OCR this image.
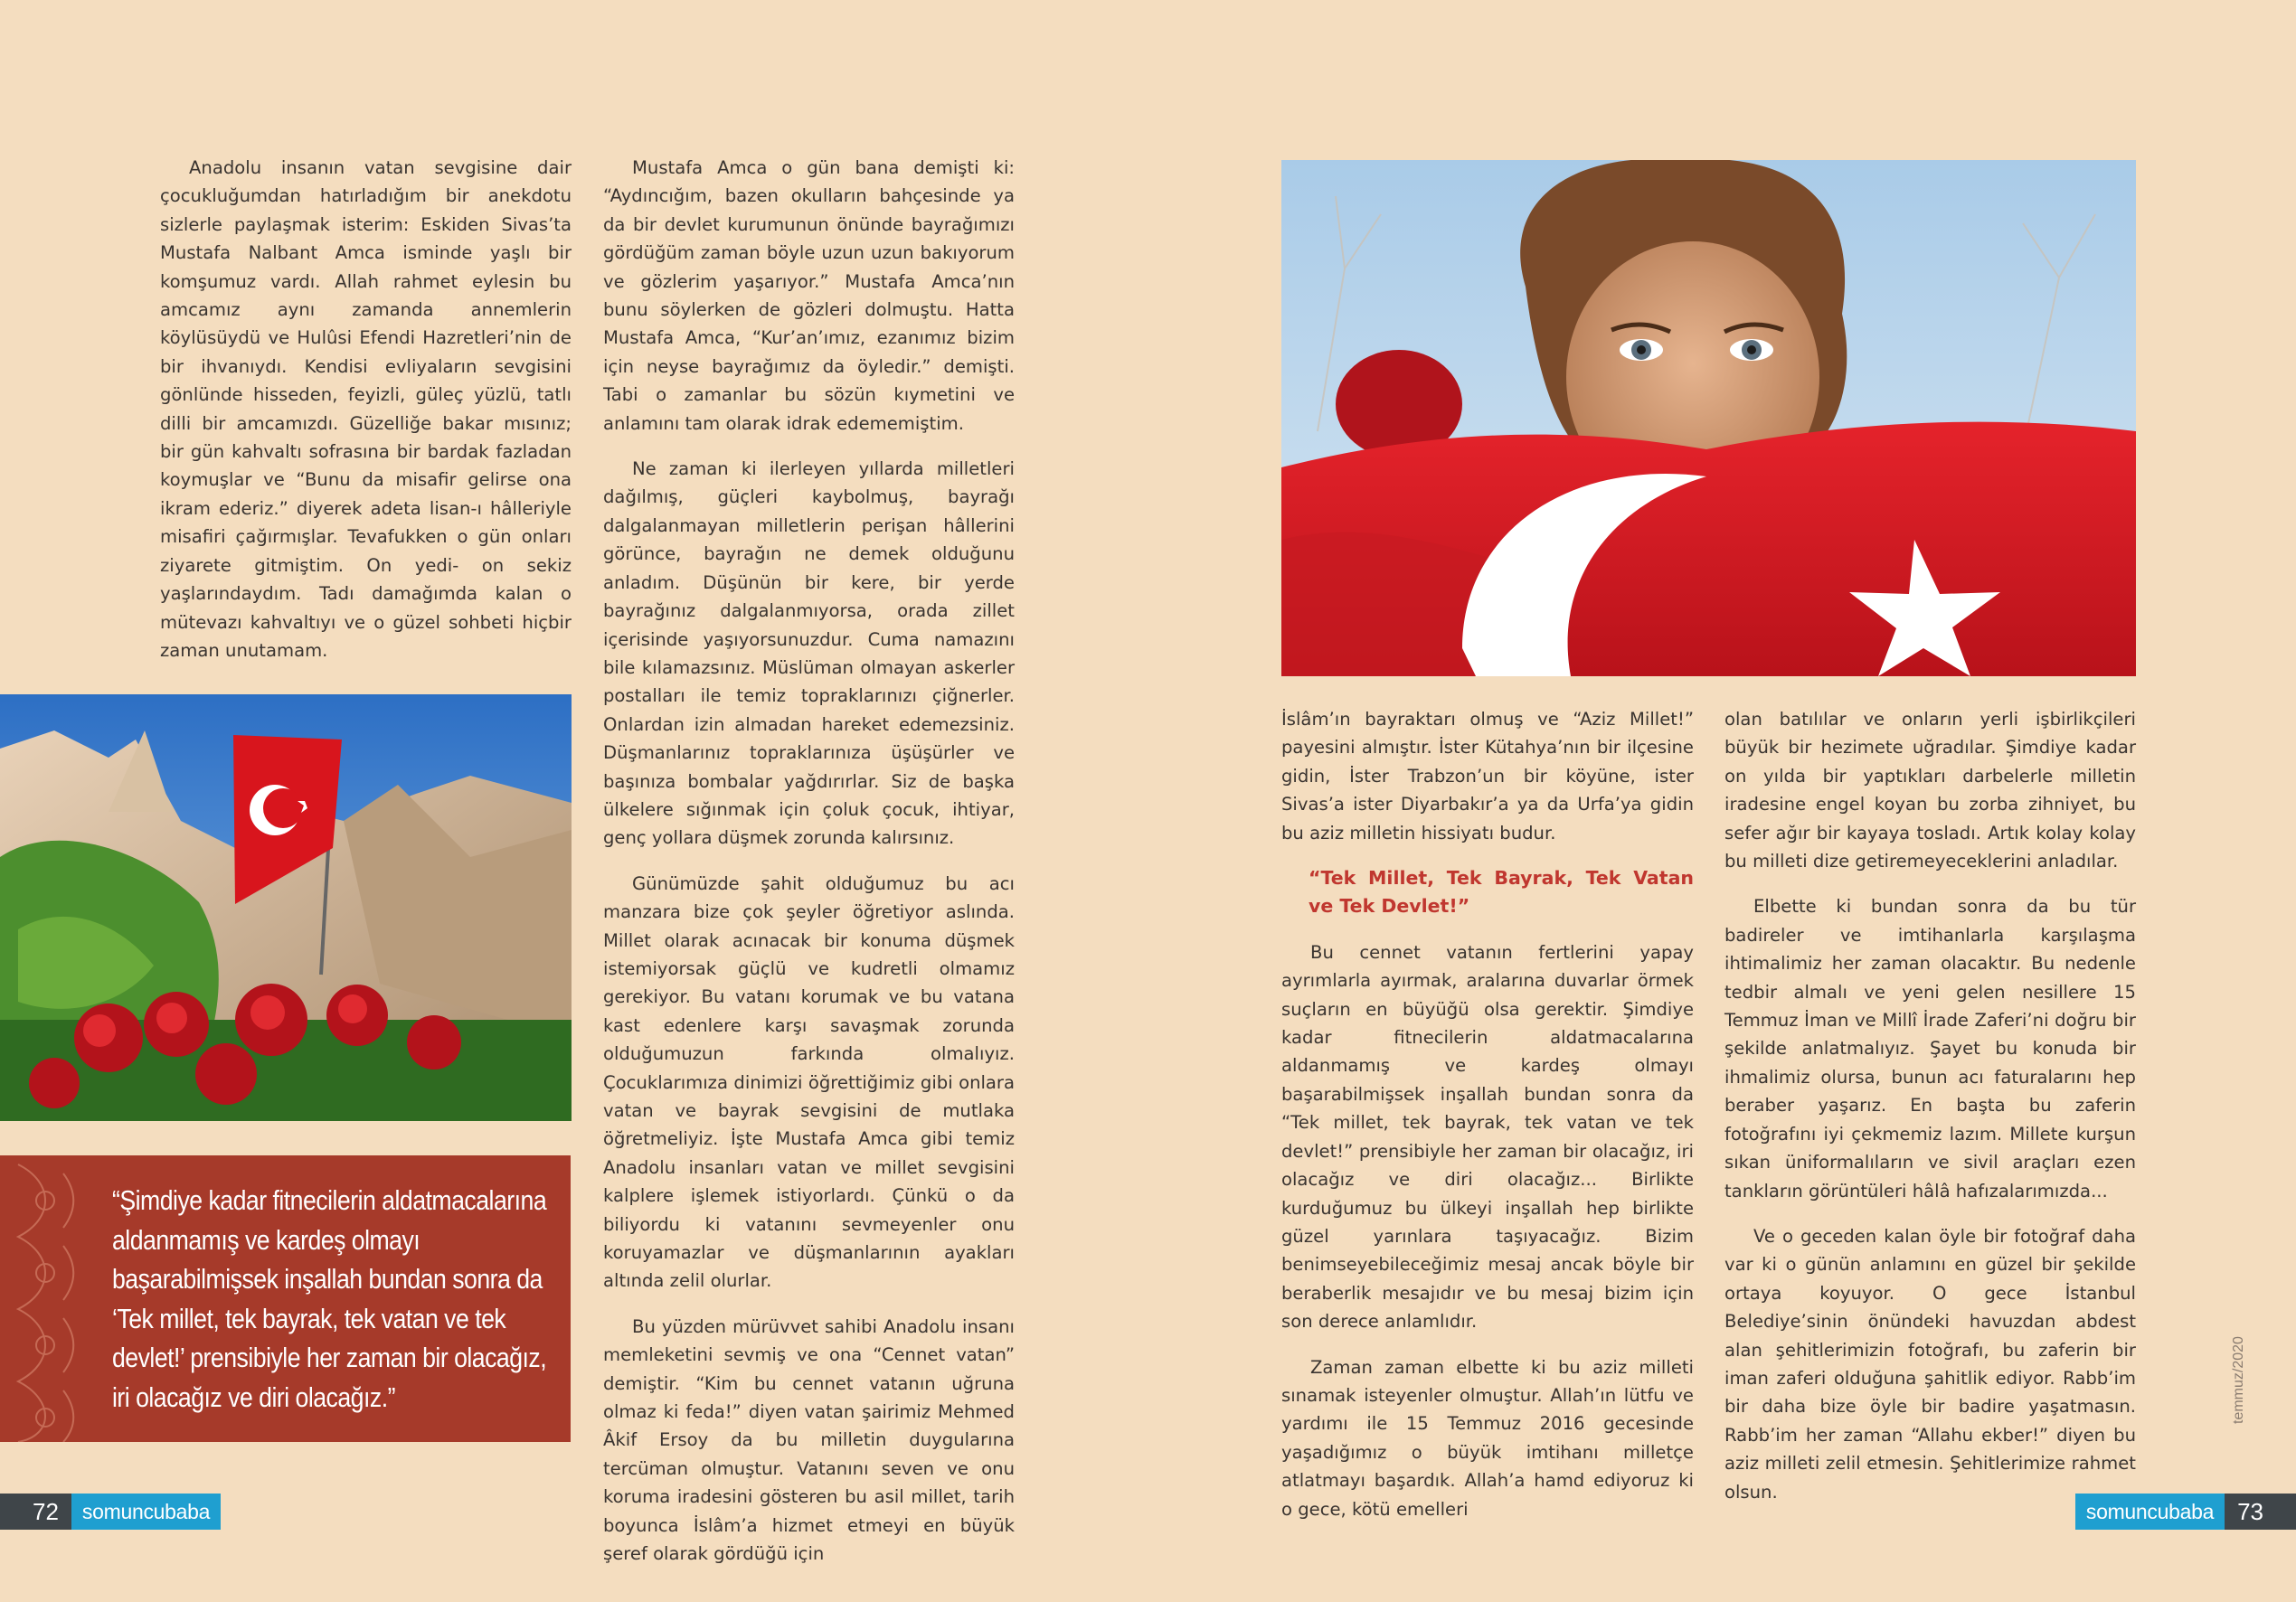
Anadolu insanın vatan sevgisine dair çocukluğumdan hatırladığım bir anekdotu sizlerle paylaşmak isterim: Eskiden Sivas’ta Mustafa Nalbant Amca isminde yaşlı bir komşumuz vardı. Allah rahmet eylesin bu amcamız aynı zamanda annemlerin köylüsüydü ve Hulûsi Efendi Hazretleri’nin de bir ihvanıydı. Kendisi evliyaların sevgisini gönlünde hisseden, feyizli, güleç yüzlü, tatlı dilli bir amcamızdı. Güzelliğe bakar mısınız; bir gün kahvaltı sofrasına bir bardak fazladan koymuşlar ve “Bunu da misafir gelirse ona ikram ederiz.” diyerek adeta lisan-ı hâlleriyle misafiri çağırmışlar. Tevafukken o gün onları ziyarete gitmiştim. On yedi- on sekiz yaşlarındaydım. Tadı damağımda kalan o mütevazı kahvaltıyı ve o güzel sohbeti hiçbir zaman unutamam.

“Şimdiye kadar fitnecilerin aldatmacalarına aldanmamış ve kardeş olmayı başarabilmişsek inşallah bundan sonra da ‘Tek millet, tek bayrak, tek vatan ve tek devlet!’ prensibiyle her zaman bir olacağız, iri olacağız ve diri olacağız.”

Mustafa Amca o gün bana demişti ki: “Aydıncığım, bazen okulların bahçesinde ya da bir devlet kurumunun önünde bayrağımızı gördüğüm zaman böyle uzun uzun bakıyorum ve gözlerim yaşarıyor.” Mustafa Amca’nın bunu söylerken de gözleri dolmuştu. Hatta Mustafa Amca, “Kur’an’ımız, ezanımız bizim için neyse bayrağımız da öyledir.” demişti. Tabi o zamanlar bu sözün kıymetini ve anlamını tam olarak idrak edememiştim.

Ne zaman ki ilerleyen yıllarda milletleri dağılmış, güçleri kaybolmuş, bayrağı dalgalanmayan milletlerin perişan hâllerini görünce, bayrağın ne demek olduğunu anladım. Düşünün bir kere, bir yerde bayrağınız dalgalanmıyorsa, orada zillet içerisinde yaşıyorsunuzdur. Cuma namazını bile kılamazsınız. Müslüman olmayan askerler postalları ile temiz topraklarınızı çiğnerler. Onlardan izin almadan hareket edemezsiniz. Düşmanlarınız topraklarınıza üşüşürler ve başınıza bombalar yağdırırlar. Siz de başka ülkelere sığınmak için çoluk çocuk, ihtiyar, genç yollara düşmek zorunda kalırsınız.

Günümüzde şahit olduğumuz bu acı manzara bize çok şeyler öğretiyor aslında. Millet olarak acınacak bir konuma düşmek istemiyorsak güçlü ve kudretli olmamız gerekiyor. Bu vatanı korumak ve bu vatana kast edenlere karşı savaşmak zorunda olduğumuzun farkında olmalıyız. Çocuklarımıza dinimizi öğrettiğimiz gibi onlara vatan ve bayrak sevgisini de mutlaka öğretmeliyiz. İşte Mustafa Amca gibi temiz Anadolu insanları vatan ve millet sevgisini kalplere işlemek istiyorlardı. Çünkü o da biliyordu ki vatanını sevmeyenler onu koruyamazlar ve düşmanlarının ayakları altında zelil olurlar.

Bu yüzden mürüvvet sahibi Anadolu insanı memleketini sevmiş ve ona “Cennet vatan” demiştir. “Kim bu cennet vatanın uğruna olmaz ki feda!” diyen vatan şairimiz Mehmed Âkif Ersoy da bu milletin duygularına tercüman olmuştur. Vatanını seven ve onu koruma iradesini gösteren bu asil millet, tarih boyunca İslâm’a hizmet etmeyi en büyük şeref olarak gördüğü için

72	somuncubaba

İslâm’ın bayraktarı olmuş ve “Aziz Millet!” payesini almıştır. İster Kütahya’nın bir ilçesine gidin, İster Trabzon’un bir köyüne, ister Sivas’a ister Diyarbakır’a ya da Urfa’ya gidin bu aziz milletin hissiyatı budur.

“Tek Millet, Tek Bayrak, Tek Vatan ve Tek Devlet!”

Bu cennet vatanın fertlerini yapay ayrımlarla ayırmak, aralarına duvarlar örmek suçların en büyüğü olsa gerektir. Şimdiye kadar fitnecilerin aldatmacalarına aldanmamış ve kardeş olmayı başarabilmişsek inşallah bundan sonra da “Tek millet, tek bayrak, tek vatan ve tek devlet!” prensibiyle her zaman bir olacağız, iri olacağız ve diri olacağız... Birlikte kurduğumuz bu ülkeyi inşallah hep birlikte güzel yarınlara taşıyacağız. Bizim benimseyebileceğimiz mesaj ancak böyle bir beraberlik mesajıdır ve bu mesaj bizim için son derece anlamlıdır.

Zaman zaman elbette ki bu aziz milleti sınamak isteyenler olmuştur. Allah’ın lütfu ve yardımı ile 15 Temmuz 2016 gecesinde yaşadığımız o büyük imtihanı milletçe atlatmayı başardık. Allah’a hamd ediyoruz ki o gece, kötü emelleri

olan batılılar ve onların yerli işbirlikçileri büyük bir hezimete uğradılar. Şimdiye kadar on yılda bir yaptıkları darbelerle milletin iradesine engel koyan bu zorba zihniyet, bu sefer ağır bir kayaya tosladı. Artık kolay kolay bu milleti dize getiremeyeceklerini anladılar.

Elbette ki bundan sonra da bu tür badireler ve imtihanlarla karşılaşma ihtimalimiz her zaman olacaktır. Bu nedenle tedbir almalı ve yeni gelen nesillere 15 Temmuz İman ve Millî İrade Zaferi’ni doğru bir şekilde anlatmalıyız. Şayet bu konuda bir ihmalimiz olursa, bunun acı faturalarını hep beraber yaşarız. En başta bu zaferin fotoğrafını iyi çekmemiz lazım. Millete kurşun sıkan üniformalıların ve sivil araçları ezen tankların görüntüleri hâlâ hafızalarımızda...

Ve o geceden kalan öyle bir fotoğraf daha var ki o günün anlamını en güzel bir şekilde ortaya koyuyor. O gece İstanbul Belediye’sinin önündeki havuzdan abdest alan şehitlerimizin fotoğrafı, bu zaferin bir iman zaferi olduğuna şahitlik ediyor. Rabb’im bir daha bize öyle bir badire yaşatmasın. Rabb’im her zaman “Allahu ekber!” diyen bu aziz milleti zelil etmesin. Şehitlerimize rahmet olsun.

temmuz/2020
somuncubaba	73
